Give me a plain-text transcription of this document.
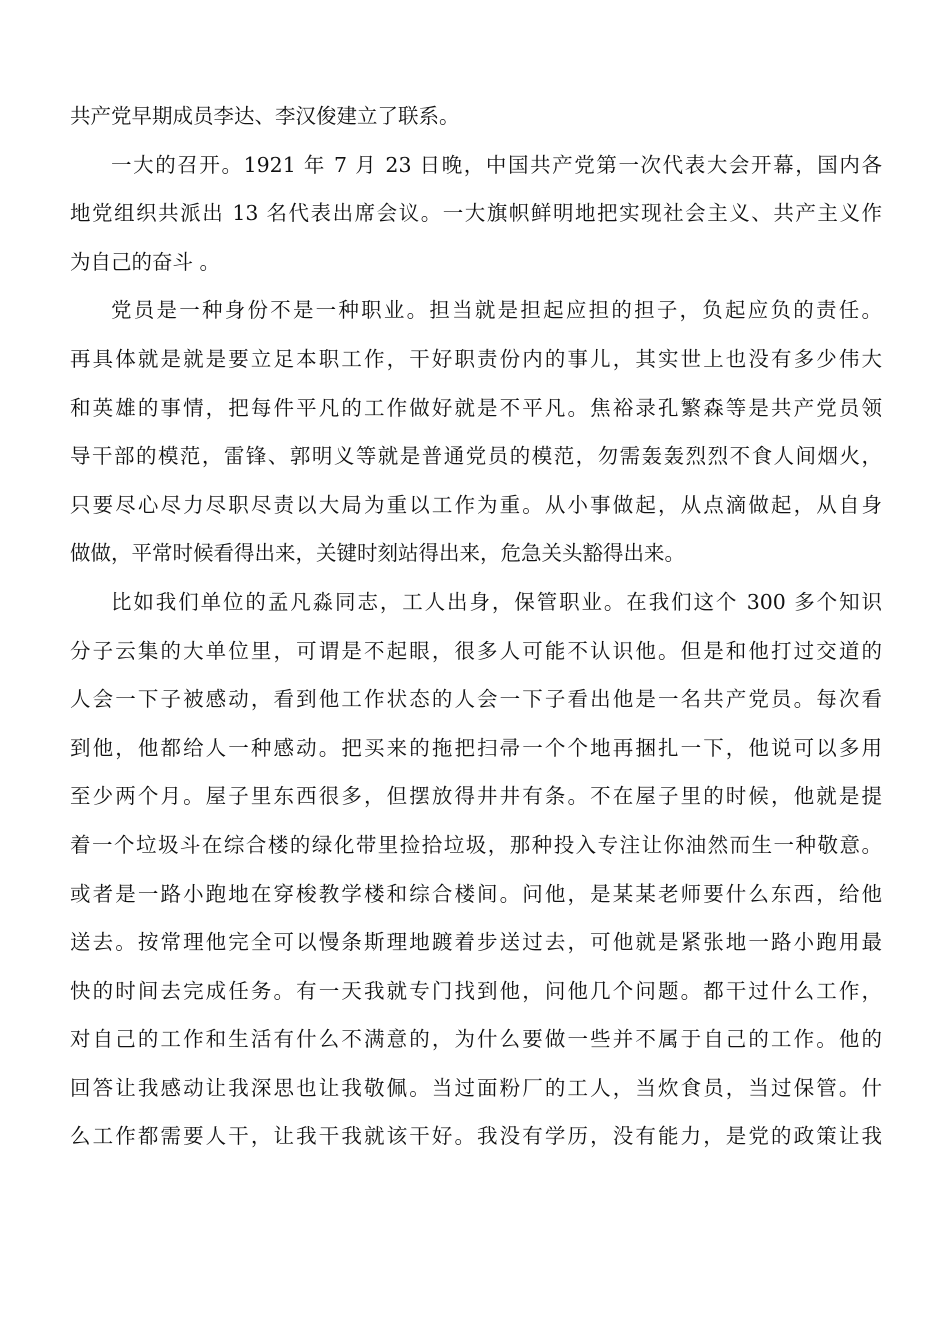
共产党早期成员李达、李汉俊建立了联系。
一大的召开。1921 年 7 月 23 日晚，中国共产党第一次代表大会开幕，国内各
地党组织共派出 13 名代表出席会议。一大旗帜鲜明地把实现社会主义、共产主义作
为自己的奋斗 。
党员是一种身份不是一种职业。担当就是担起应担的担子，负起应负的责任。
再具体就是就是要立足本职工作，干好职责份内的事儿，其实世上也没有多少伟大
和英雄的事情，把每件平凡的工作做好就是不平凡。焦裕录孔繁森等是共产党员领
导干部的模范，雷锋、郭明义等就是普通党员的模范，勿需轰轰烈烈不食人间烟火，
只要尽心尽力尽职尽责以大局为重以工作为重。从小事做起，从点滴做起，从自身
做做，平常时候看得出来，关键时刻站得出来，危急关头豁得出来。
比如我们单位的孟凡淼同志，工人出身，保管职业。在我们这个 300 多个知识
分子云集的大单位里，可谓是不起眼，很多人可能不认识他。但是和他打过交道的
人会一下子被感动，看到他工作状态的人会一下子看出他是一名共产党员。每次看
到他，他都给人一种感动。把买来的拖把扫帚一个个地再捆扎一下，他说可以多用
至少两个月。屋子里东西很多，但摆放得井井有条。不在屋子里的时候，他就是提
着一个垃圾斗在综合楼的绿化带里捡拾垃圾，那种投入专注让你油然而生一种敬意。
或者是一路小跑地在穿梭教学楼和综合楼间。问他，是某某老师要什么东西，给他
送去。按常理他完全可以慢条斯理地踱着步送过去，可他就是紧张地一路小跑用最
快的时间去完成任务。有一天我就专门找到他，问他几个问题。都干过什么工作，
对自己的工作和生活有什么不满意的，为什么要做一些并不属于自己的工作。他的
回答让我感动让我深思也让我敬佩。当过面粉厂的工人，当炊食员，当过保管。什
么工作都需要人干，让我干我就该干好。我没有学历，没有能力，是党的政策让我
